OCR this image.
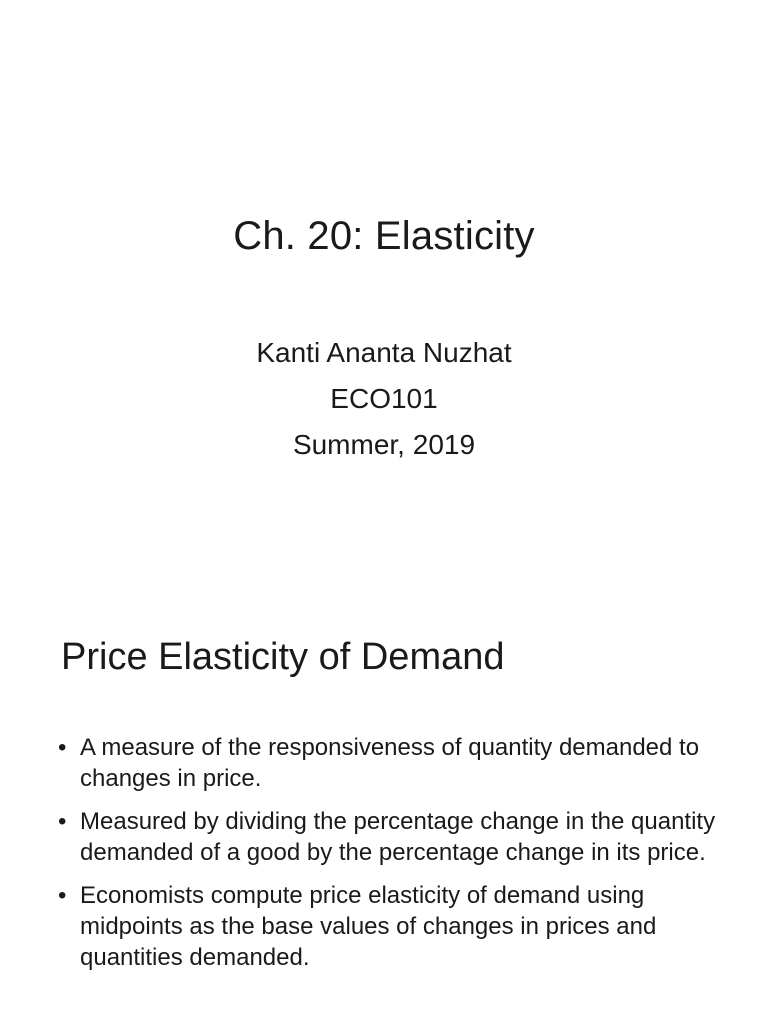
Ch. 20: Elasticity
Kanti Ananta Nuzhat
ECO101
Summer, 2019
Price Elasticity of Demand
• A measure of the responsiveness of quantity demanded to changes in price.
• Measured by dividing the percentage change in the quantity demanded of a good by the percentage change in its price.
• Economists compute price elasticity of demand using midpoints as the base values of changes in prices and quantities demanded.
